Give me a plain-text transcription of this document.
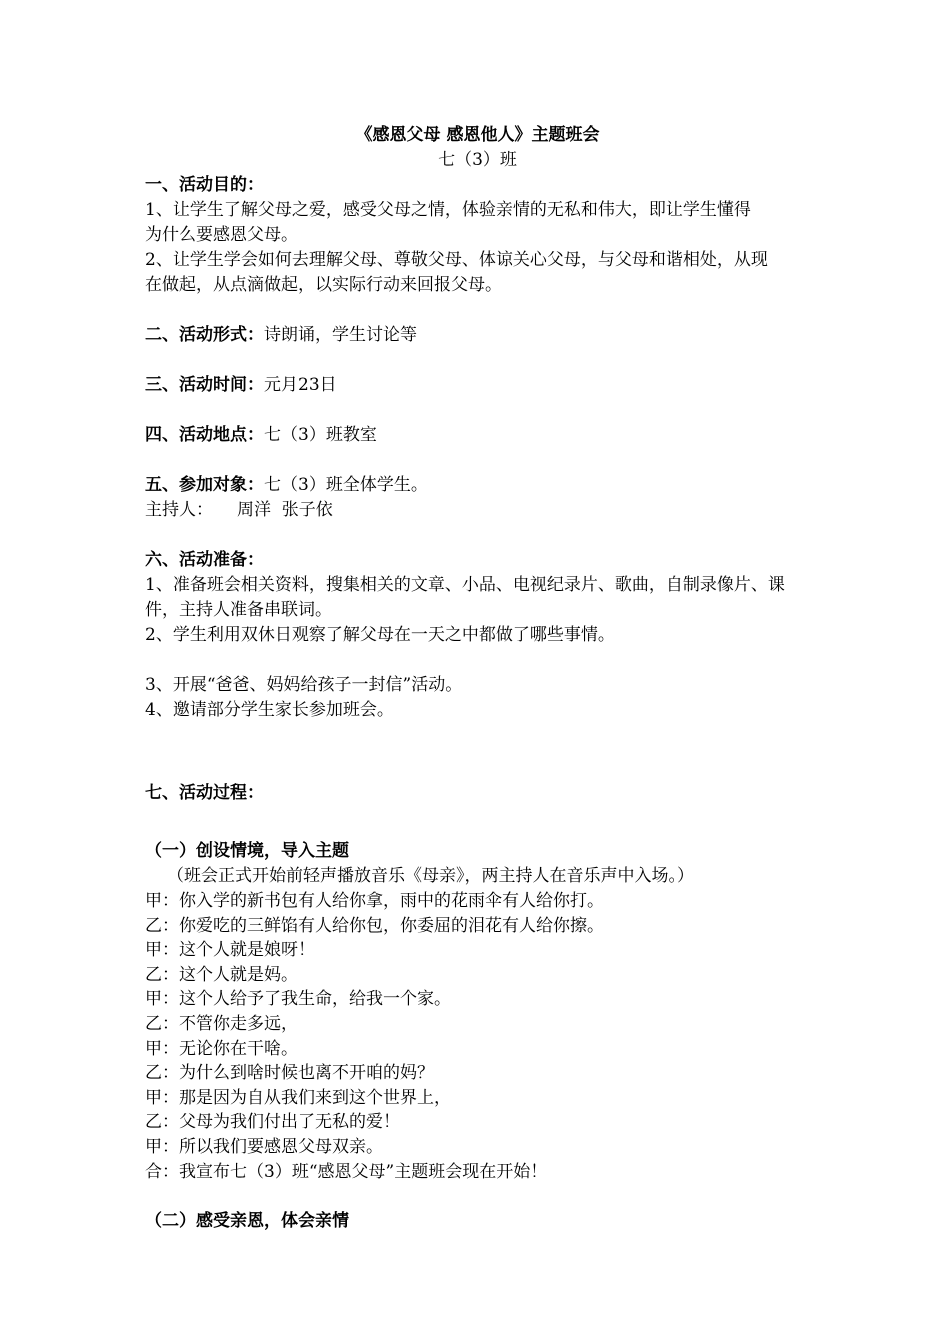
《感恩父母 感恩他人》主题班会
七（3）班
一、活动目的：
1、让学生了解父母之爱，感受父母之情，体验亲情的无私和伟大，即让学生懂得
为什么要感恩父母。
2、让学生学会如何去理解父母、尊敬父母、体谅关心父母，与父母和谐相处，从现
在做起，从点滴做起，以实际行动来回报父母。
二、活动形式：诗朗诵，学生讨论等
三、活动时间：元月23日
四、活动地点：七（3）班教室
五、参加对象：七（3）班全体学生。
主持人： 周洋  张子依
六、活动准备：
1、准备班会相关资料，搜集相关的文章、小品、电视纪录片、歌曲，自制录像片、课
件，主持人准备串联词。
2、学生利用双休日观察了解父母在一天之中都做了哪些事情。
3、开展“爸爸、妈妈给孩子一封信”活动。
4、邀请部分学生家长参加班会。
七、活动过程：
（一）创设情境，导入主题
（班会正式开始前轻声播放音乐《母亲》，两主持人在音乐声中入场。）
甲：你入学的新书包有人给你拿，雨中的花雨伞有人给你打。
乙：你爱吃的三鲜馅有人给你包，你委屈的泪花有人给你擦。
甲：这个人就是娘呀！
乙：这个人就是妈。
甲：这个人给予了我生命，给我一个家。
乙：不管你走多远，
甲：无论你在干啥。
乙：为什么到啥时候也离不开咱的妈？
甲：那是因为自从我们来到这个世界上，
乙：父母为我们付出了无私的爱！
甲：所以我们要感恩父母双亲。
合：我宣布七（3）班“感恩父母”主题班会现在开始！
（二）感受亲恩，体会亲情
